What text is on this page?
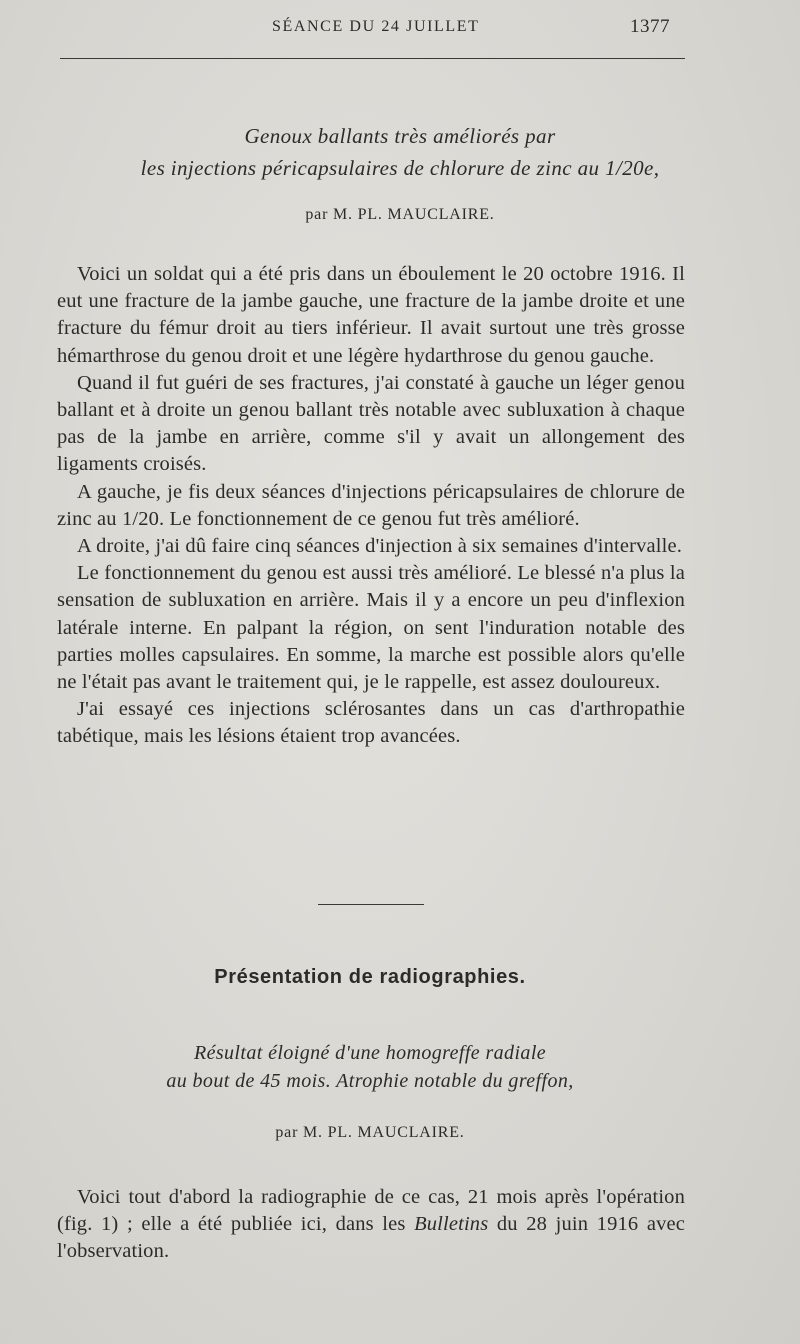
SÉANCE DU 24 JUILLET	1377
Genoux ballants très améliorés par
les injections péricapsulaires de chlorure de zinc au 1/20e,
par M. PL. MAUCLAIRE.

Voici un soldat qui a été pris dans un éboulement le 20 octobre 1916. Il eut une fracture de la jambe gauche, une fracture de la jambe droite et une fracture du fémur droit au tiers inférieur. Il avait surtout une très grosse hémarthrose du genou droit et une légère hydarthrose du genou gauche.

Quand il fut guéri de ses fractures, j'ai constaté à gauche un léger genou ballant et à droite un genou ballant très notable avec subluxation à chaque pas de la jambe en arrière, comme s'il y avait un allongement des ligaments croisés.

A gauche, je fis deux séances d'injections péricapsulaires de chlorure de zinc au 1/20. Le fonctionnement de ce genou fut très amélioré.

A droite, j'ai dû faire cinq séances d'injection à six semaines d'intervalle.

Le fonctionnement du genou est aussi très amélioré. Le blessé n'a plus la sensation de subluxation en arrière. Mais il y a encore un peu d'inflexion latérale interne. En palpant la région, on sent l'induration notable des parties molles capsulaires. En somme, la marche est possible alors qu'elle ne l'était pas avant le traitement qui, je le rappelle, est assez douloureux.

J'ai essayé ces injections sclérosantes dans un cas d'arthropathie tabétique, mais les lésions étaient trop avancées.

Présentation de radiographies.
Résultat éloigné d'une homogreffe radiale
au bout de 45 mois. Atrophie notable du greffon,
par M. PL. MAUCLAIRE.

Voici tout d'abord la radiographie de ce cas, 21 mois après l'opération (fig. 1) ; elle a été publiée ici, dans les Bulletins du 28 juin 1916 avec l'observation.
